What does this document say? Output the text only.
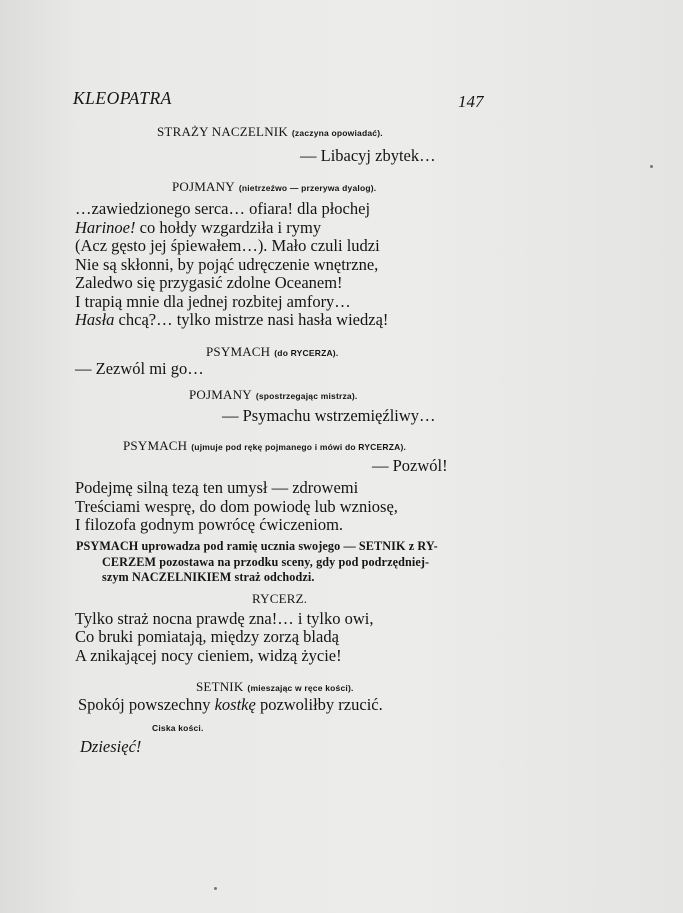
KLEOPATRA	147
STRAŻY NACZELNIK (zaczyna opowiadać).
— Libacyj zbytek…
POJMANY (nietrzeźwo — przerywa dyalog).
…zawiedzionego serca… ofiara! dla płochej
Harinoe! co hołdy wzgardziła i rymy
(Acz gęsto jej śpiewałem…). Mało czuli ludzi
Nie są skłonni, by pojąć udręczenie wnętrzne,
Zaledwo się przygasić zdolne Oceanem!
I trapią mnie dla jednej rozbitej amfory…
Hasła chcą?… tylko mistrze nasi hasła wiedzą!
PSYMACH (do RYCERZA).
— Zezwól mi go…
POJMANY (spostrzegając mistrza).
— Psymachu wstrzemięźliwy…
PSYMACH (ujmuje pod rękę pojmanego i mówi do RYCERZA).
— Pozwól!
Podejmę silną tezą ten umysł — zdrowemi
Treściami wesprę, do dom powiodę lub wzniosę,
I filozofa godnym powrócę ćwiczeniom.
PSYMACH uprowadza pod ramię ucznia swojego — SETNIK z RY-
CERZEM pozostawa na przodku sceny, gdy pod podrzędniej-
szym NACZELNIKIEM straż odchodzi.
RYCERZ.
Tylko straż nocna prawdę zna!… i tylko owi,
Co bruki pomiatają, między zorzą bladą
A znikającej nocy cieniem, widzą życie!
SETNIK (mieszając w ręce kości).
Spokój powszechny kostkę pozwoliłby rzucić.
Ciska kości.
Dziesięć!
